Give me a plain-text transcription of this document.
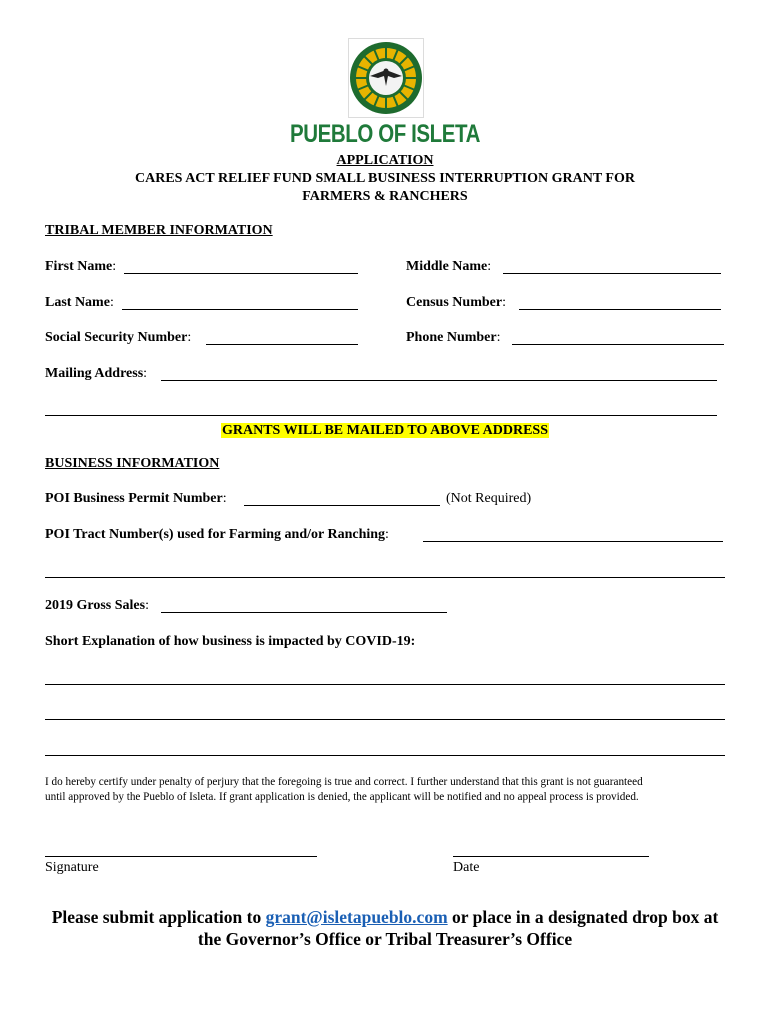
PUEBLO OF ISLETA
APPLICATION
CARES ACT RELIEF FUND SMALL BUSINESS INTERRUPTION GRANT FOR
FARMERS & RANCHERS
TRIBAL MEMBER INFORMATION
First Name:	Middle Name:
Last Name:	Census Number:
Social Security Number:	Phone Number:
Mailing Address:
GRANTS WILL BE MAILED TO ABOVE ADDRESS
BUSINESS INFORMATION
POI Business Permit Number:	(Not Required)
POI Tract Number(s) used for Farming and/or Ranching:
2019 Gross Sales:
Short Explanation of how business is impacted by COVID-19:
I do hereby certify under penalty of perjury that the foregoing is true and correct. I further understand that this grant is not guaranteed
until approved by the Pueblo of Isleta. If grant application is denied, the applicant will be notified and no appeal process is provided.
Signature	Date
Please submit application to grant@isletapueblo.com or place in a designated drop box at
the Governor’s Office or Tribal Treasurer’s Office
